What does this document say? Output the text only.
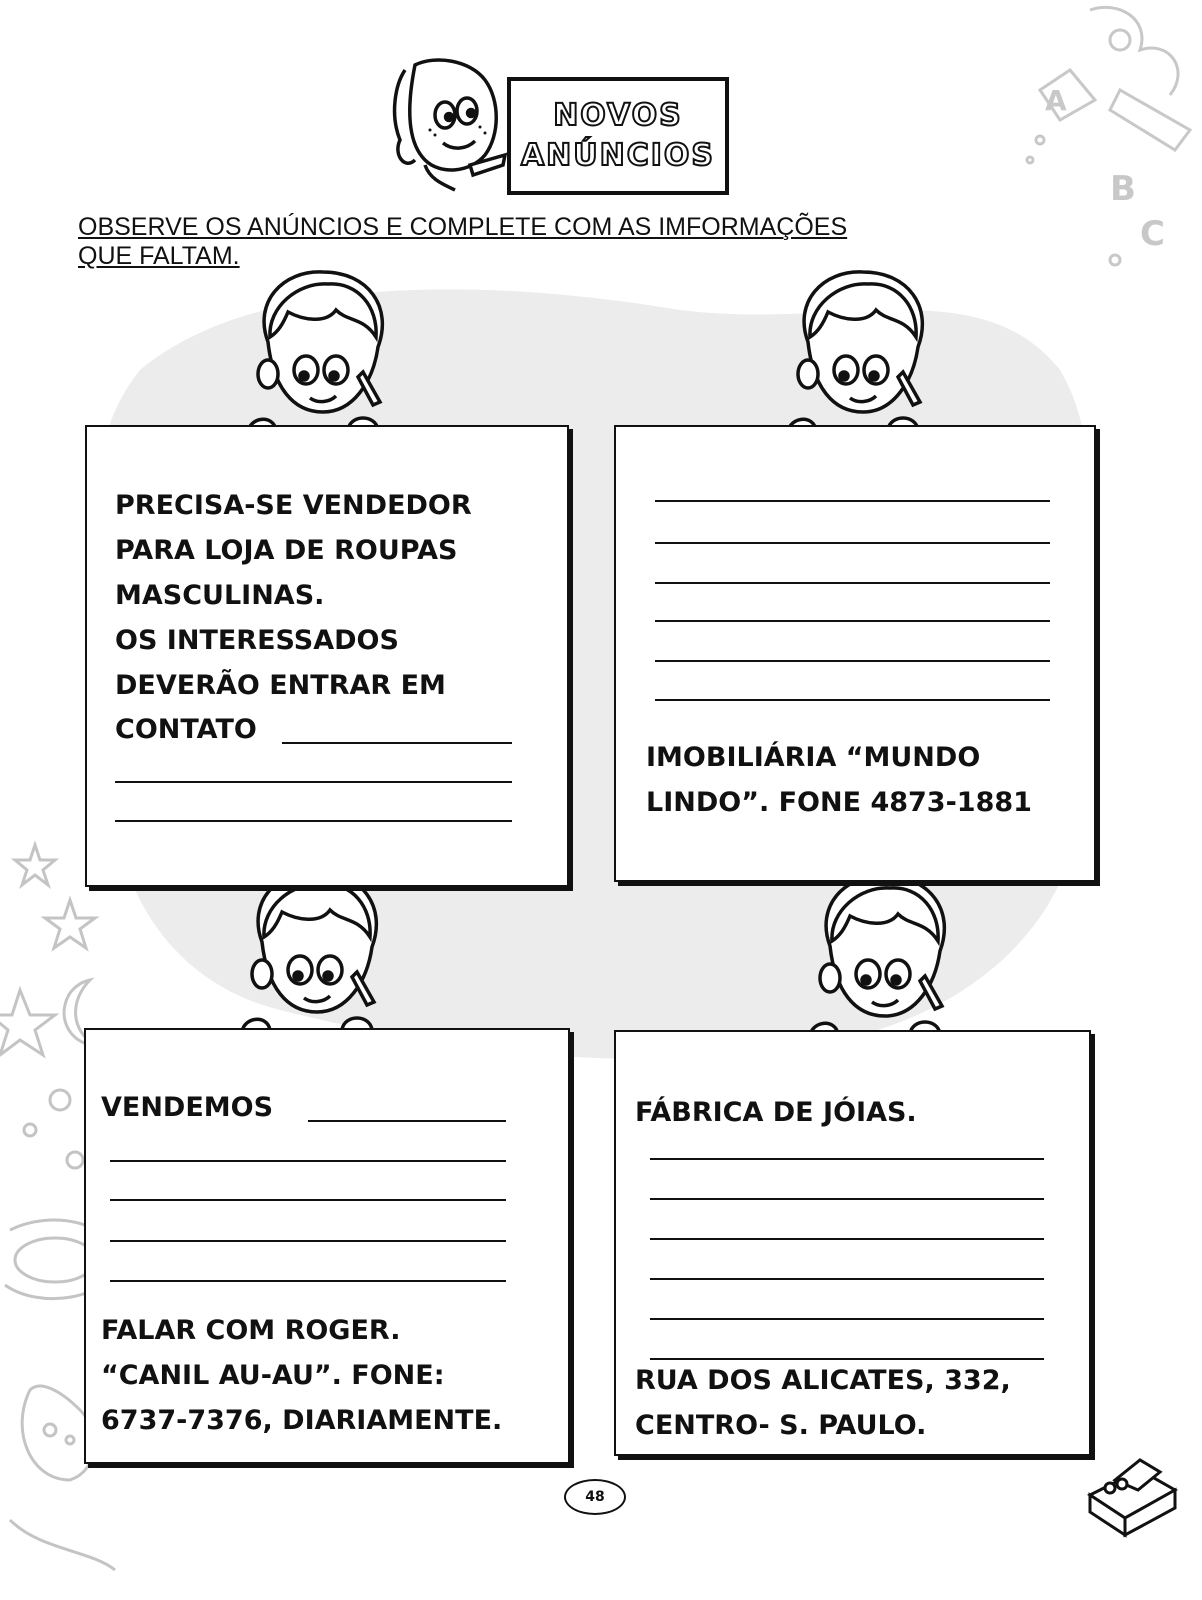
A
B
C
NOVOS
ANÚNCIOS
OBSERVE OS ANÚNCIOS E COMPLETE COM AS IMFORMAÇÕES
QUE FALTAM.
PRECISA-SE VENDEDOR
PARA LOJA DE ROUPAS
MASCULINAS.
OS INTERESSADOS
DEVERÃO ENTRAR EM
CONTATO
IMOBILIÁRIA “MUNDO
LINDO”. FONE 4873-1881
VENDEMOS
FALAR COM ROGER.
“CANIL AU-AU”. FONE:
6737-7376, DIARIAMENTE.
FÁBRICA DE JÓIAS.
RUA DOS ALICATES, 332,
CENTRO- S. PAULO.
48
